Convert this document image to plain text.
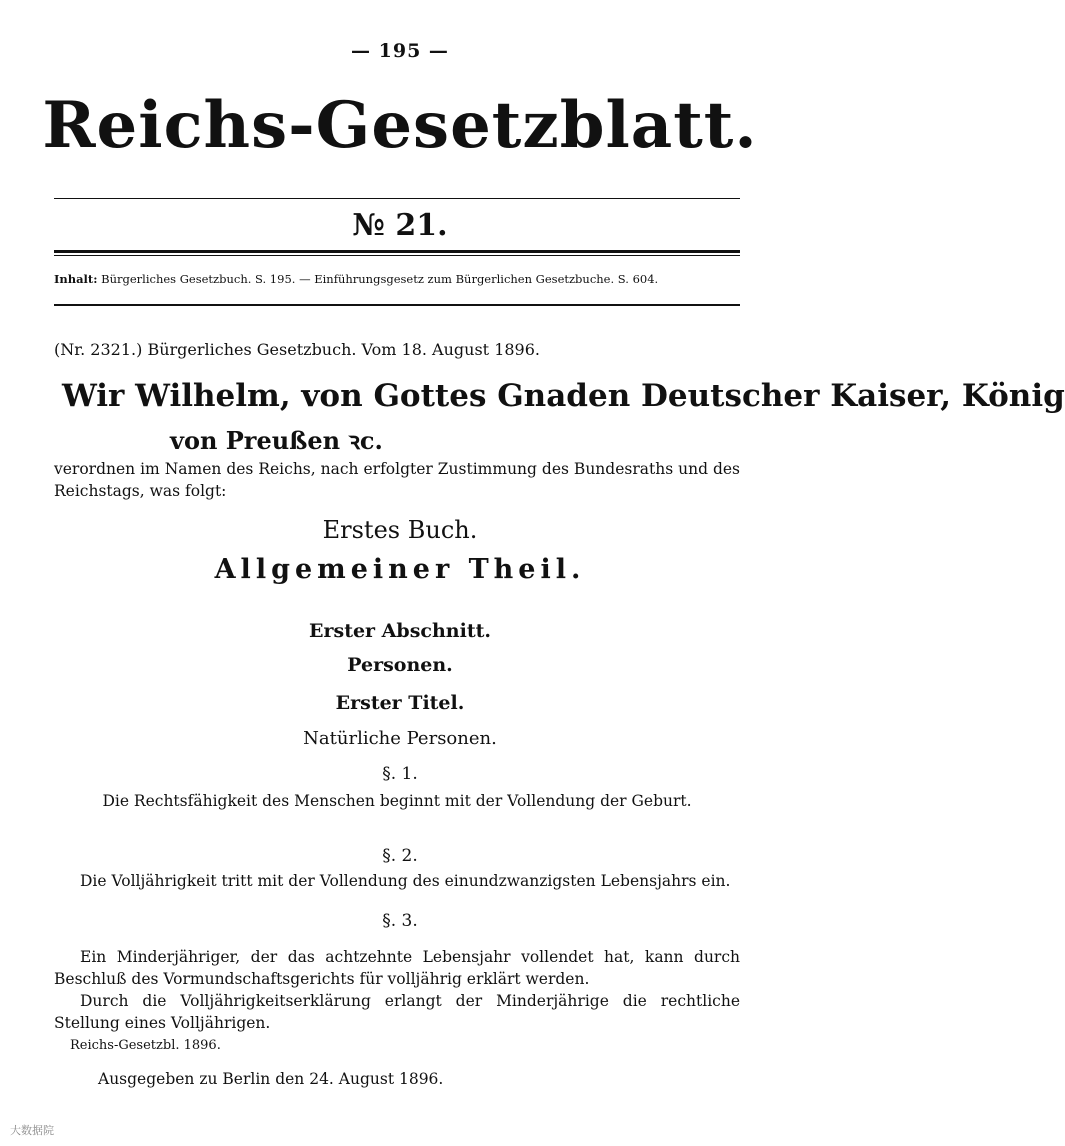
— 195 —
Reichs-Gesetzblatt.
№ 21.
Inhalt: Bürgerliches Gesetzbuch. S. 195. — Einführungsgesetz zum Bürgerlichen Gesetzbuche. S. 604.
(Nr. 2321.) Bürgerliches Gesetzbuch. Vom 18. August 1896.
Wir Wilhelm, von Gottes Gnaden Deutscher Kaiser, König
von Preußen ꝛc.
verordnen im Namen des Reichs, nach erfolgter Zustimmung des Bundesraths und des Reichstags, was folgt:
Erstes Buch.
Allgemeiner Theil.
Erster Abschnitt.
Personen.
Erster Titel.
Natürliche Personen.
§. 1.
Die Rechtsfähigkeit des Menschen beginnt mit der Vollendung der Geburt.
§. 2.
Die Volljährigkeit tritt mit der Vollendung des einundzwanzigsten Lebensjahrs ein.
§. 3.
Ein Minderjähriger, der das achtzehnte Lebensjahr vollendet hat, kann durch Beschluß des Vormundschaftsgerichts für volljährig erklärt werden.
Durch die Volljährigkeitserklärung erlangt der Minderjährige die rechtliche Stellung eines Volljährigen.
Reichs-Gesetzbl. 1896.
Ausgegeben zu Berlin den 24. August 1896.
大数据院
